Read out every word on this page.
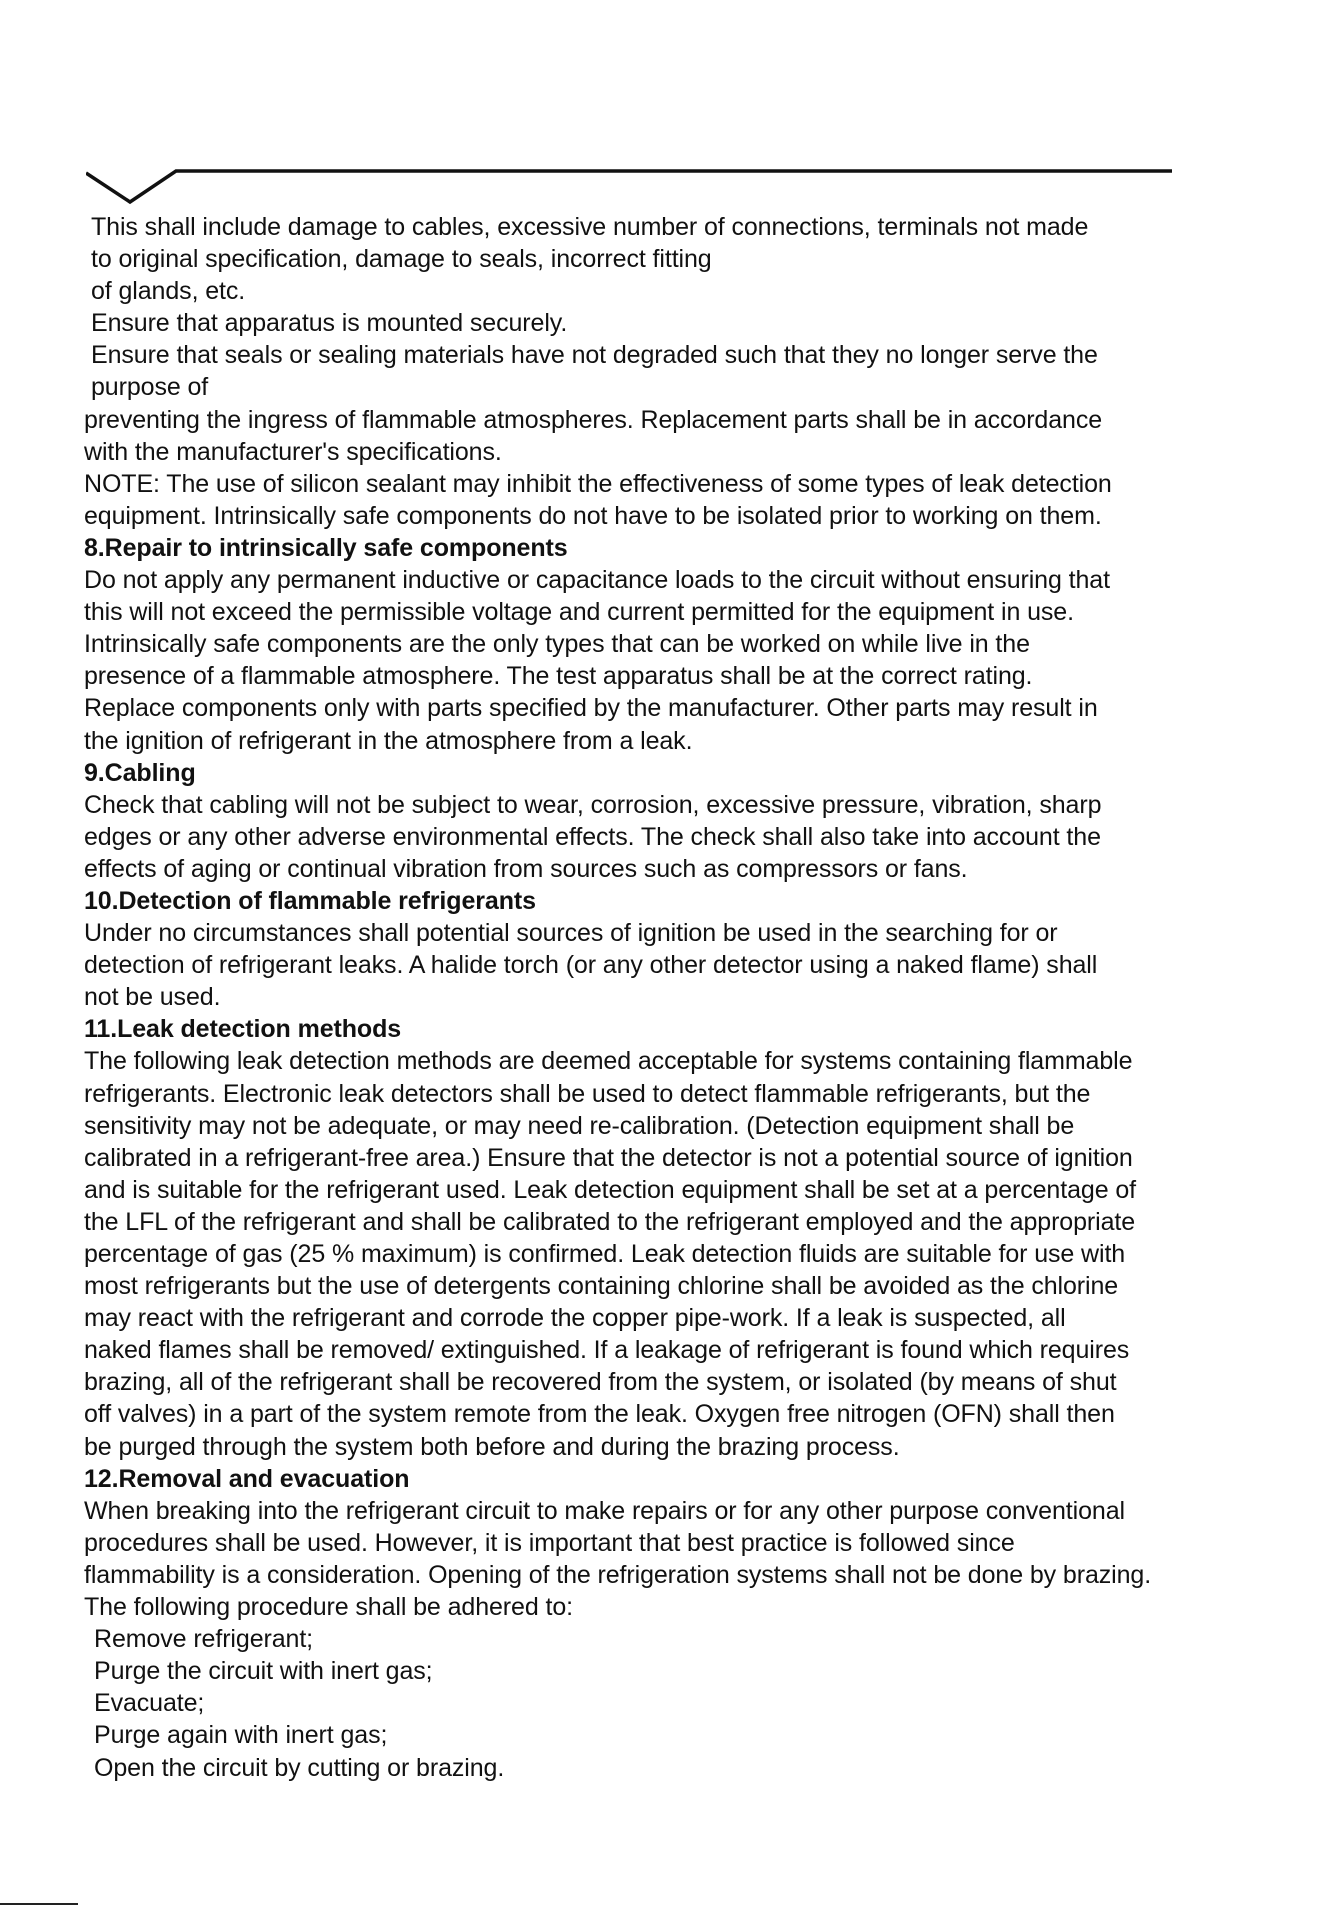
This shall include damage to cables, excessive number of connections, terminals not made
to original specification, damage to seals, incorrect fitting
of glands, etc.
Ensure that apparatus is mounted securely.
Ensure that seals or sealing materials have not degraded such that they no longer serve the
purpose of
preventing the ingress of flammable atmospheres. Replacement parts shall be in accordance
with the manufacturer's specifications.
NOTE: The use of silicon sealant may inhibit the effectiveness of some types of leak detection
equipment. Intrinsically safe components do not have to be isolated prior to working on them.
8.Repair to intrinsically safe components
Do not apply any permanent inductive or capacitance loads to the circuit without ensuring that
this will not exceed the permissible voltage and current permitted for the equipment in use.
Intrinsically safe components are the only types that can be worked on while live in the
presence of a flammable atmosphere. The test apparatus shall be at the correct rating.
Replace components only with parts specified by the manufacturer. Other parts may result in
the ignition of refrigerant in the atmosphere from a leak.
9.Cabling
Check that cabling will not be subject to wear, corrosion, excessive pressure, vibration, sharp
edges or any other adverse environmental effects. The check shall also take into account the
effects of aging or continual vibration from sources such as compressors or fans.
10.Detection of flammable refrigerants
Under no circumstances shall potential sources of ignition be used in the searching for or
detection of refrigerant leaks. A halide torch (or any other detector using a naked flame) shall
not be used.
11.Leak detection methods
The following leak detection methods are deemed acceptable for systems containing flammable
refrigerants. Electronic leak detectors shall be used to detect flammable refrigerants, but the
sensitivity may not be adequate, or may need re-calibration. (Detection equipment shall be
calibrated in a refrigerant-free area.) Ensure that the detector is not a potential source of ignition
and is suitable for the refrigerant used. Leak detection equipment shall be set at a percentage of
the LFL of the refrigerant and shall be calibrated to the refrigerant employed and the appropriate
percentage of gas (25 % maximum) is confirmed. Leak detection fluids are suitable for use with
most refrigerants but the use of detergents containing chlorine shall be avoided as the chlorine
may react with the refrigerant and corrode the copper pipe-work. If a leak is suspected, all
naked flames shall be removed/ extinguished. If a leakage of refrigerant is found which requires
brazing, all of the refrigerant shall be recovered from the system, or isolated (by means of shut
off valves) in a part of the system remote from the leak. Oxygen free nitrogen (OFN) shall then
be purged through the system both before and during the brazing process.
12.Removal and evacuation
When breaking into the refrigerant circuit to make repairs or for any other purpose conventional
procedures shall be used. However, it is important that best practice is followed since
flammability is a consideration. Opening of the refrigeration systems shall not be done by brazing.
The following procedure shall be adhered to:
Remove refrigerant;
Purge the circuit with inert gas;
Evacuate;
Purge again with inert gas;
Open the circuit by cutting or brazing.
